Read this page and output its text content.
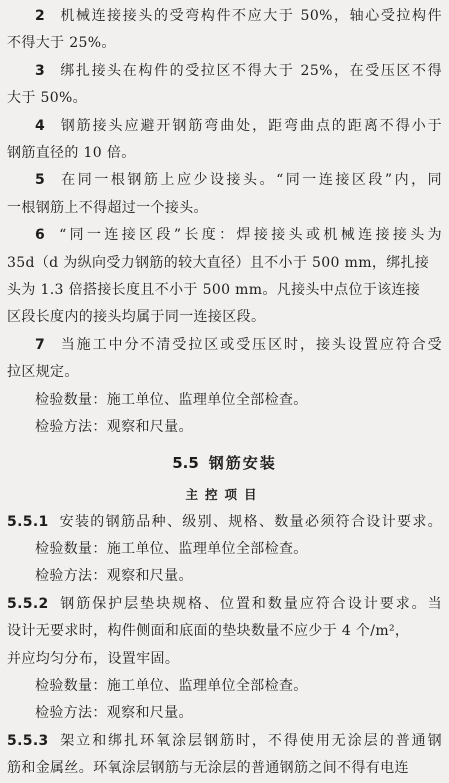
2 机械连接接头的受弯构件不应大于 50%，轴心受拉构件
不得大于 25%。

3 绑扎接头在构件的受拉区不得大于 25%，在受压区不得
大于 50%。

4 钢筋接头应避开钢筋弯曲处，距弯曲点的距离不得小于
钢筋直径的 10 倍。

5 在同一根钢筋上应少设接头。“同一连接区段”内，同
一根钢筋上不得超过一个接头。

6 “同一连接区段”长度：焊接接头或机械连接接头为
35d（d 为纵向受力钢筋的较大直径）且不小于 500 mm，绑扎接
头为 1.3 倍搭接长度且不小于 500 mm。凡接头中点位于该连接
区段长度内的接头均属于同一连接区段。

7 当施工中分不清受拉区或受压区时，接头设置应符合受
拉区规定。

检验数量：施工单位、监理单位全部检查。
检验方法：观察和尺量。
5.5 钢筋安装
主控项目

5.5.1 安装的钢筋品种、级别、规格、数量必须符合设计要求。

检验数量：施工单位、监理单位全部检查。
检验方法：观察和尺量。

5.5.2 钢筋保护层垫块规格、位置和数量应符合设计要求。当
设计无要求时，构件侧面和底面的垫块数量不应少于 4 个/m²，
并应均匀分布，设置牢固。

检验数量：施工单位、监理单位全部检查。
检验方法：观察和尺量。

5.5.3 架立和绑扎环氧涂层钢筋时，不得使用无涂层的普通钢
筋和金属丝。环氧涂层钢筋与无涂层的普通钢筋之间不得有电连
